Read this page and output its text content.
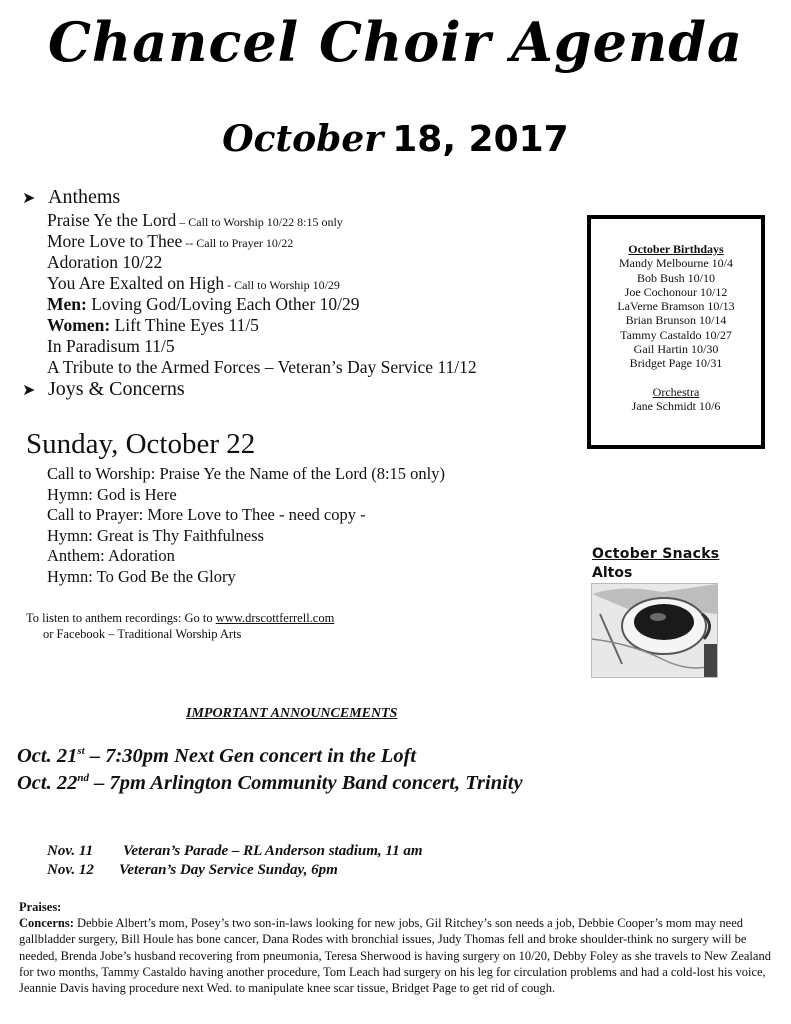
Chancel Choir Agenda
October 18, 2017
➤ Anthems
Praise Ye the Lord – Call to Worship 10/22 8:15 only
More Love to Thee -- Call to Prayer 10/22
Adoration 10/22
You Are Exalted on High - Call to Worship 10/29
Men: Loving God/Loving Each Other 10/29
Women: Lift Thine Eyes 11/5
In Paradisum 11/5
A Tribute to the Armed Forces – Veteran’s Day Service 11/12
➤ Joys & Concerns
Sunday, October 22
Call to Worship: Praise Ye the Name of the Lord (8:15 only)
Hymn: God is Here
Call to Prayer: More Love to Thee - need copy -
Hymn: Great is Thy Faithfulness
Anthem: Adoration
Hymn: To God Be the Glory
To listen to anthem recordings: Go to www.drscottferrell.com
or Facebook – Traditional Worship Arts
IMPORTANT ANNOUNCEMENTS
Oct. 21st – 7:30pm Next Gen concert in the Loft
Oct. 22nd – 7pm Arlington Community Band concert, Trinity
Nov. 11 Veteran’s Parade – RL Anderson stadium, 11 am
Nov. 12 Veteran’s Day Service Sunday, 6pm
Praises:
Concerns: Debbie Albert’s mom, Posey’s two son-in-laws looking for new jobs, Gil Ritchey’s son needs a job, Debbie Cooper’s mom may need gallbladder surgery, Bill Houle has bone cancer, Dana Rodes with bronchial issues, Judy Thomas fell and broke shoulder-think no surgery will be needed, Brenda Jobe’s husband recovering from pneumonia, Teresa Sherwood is having surgery on 10/20, Debby Foley as she travels to New Zealand for two months, Tammy Castaldo having another procedure, Tom Leach had surgery on his leg for circulation problems and had a cold-lost his voice, Jeannie Davis having procedure next Wed. to manipulate knee scar tissue, Bridget Page to get rid of cough.
October Birthdays
Mandy Melbourne 10/4
Bob Bush 10/10
Joe Cochonour 10/12
LaVerne Bramson 10/13
Brian Brunson 10/14
Tammy Castaldo 10/27
Gail Hartin 10/30
Bridget Page 10/31
Orchestra
Jane Schmidt 10/6
October Snacks
Altos
